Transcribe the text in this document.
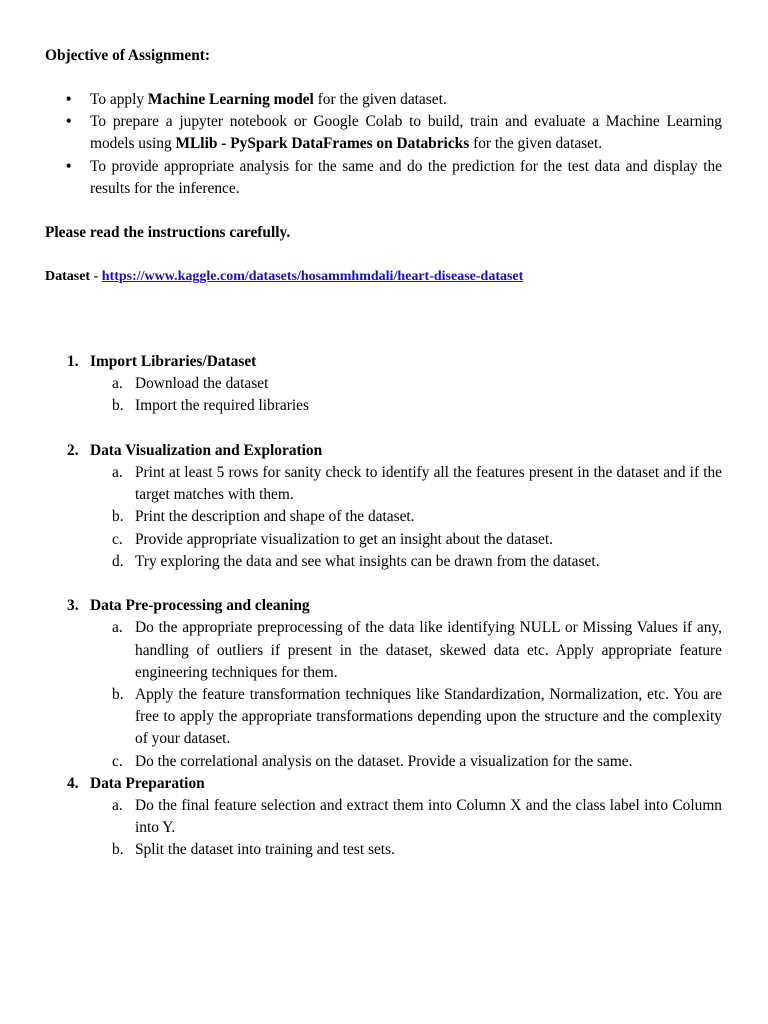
Objective of Assignment:
• To apply Machine Learning model for the given dataset.
• To prepare a jupyter notebook or Google Colab to build, train and evaluate a Machine Learning models using MLlib - PySpark DataFrames on Databricks for the given dataset.
• To provide appropriate analysis for the same and do the prediction for the test data and display the results for the inference.
Please read the instructions carefully.
Dataset - https://www.kaggle.com/datasets/hosammhmdali/heart-disease-dataset
1. Import Libraries/Dataset
a. Download the dataset
b. Import the required libraries
2. Data Visualization and Exploration
a. Print at least 5 rows for sanity check to identify all the features present in the dataset and if the target matches with them.
b. Print the description and shape of the dataset.
c. Provide appropriate visualization to get an insight about the dataset.
d. Try exploring the data and see what insights can be drawn from the dataset.
3. Data Pre-processing and cleaning
a. Do the appropriate preprocessing of the data like identifying NULL or Missing Values if any, handling of outliers if present in the dataset, skewed data etc. Apply appropriate feature engineering techniques for them.
b. Apply the feature transformation techniques like Standardization, Normalization, etc. You are free to apply the appropriate transformations depending upon the structure and the complexity of your dataset.
c. Do the correlational analysis on the dataset. Provide a visualization for the same.
4. Data Preparation
a. Do the final feature selection and extract them into Column X and the class label into Column into Y.
b. Split the dataset into training and test sets.
